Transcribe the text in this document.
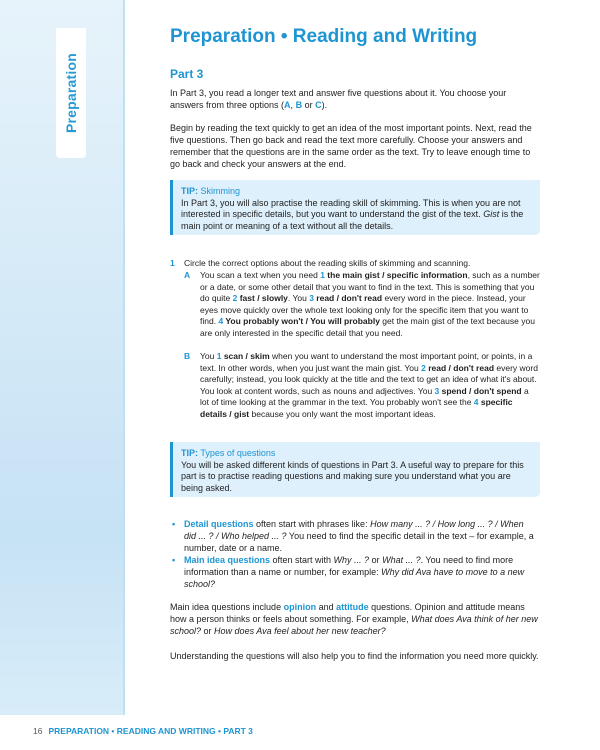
Preparation
Preparation • Reading and Writing
Part 3
In Part 3, you read a longer text and answer five questions about it. You choose your answers from three options (A, B or C).
Begin by reading the text quickly to get an idea of the most important points. Next, read the five questions. Then go back and read the text more carefully. Choose your answers and remember that the questions are in the same order as the text. Try to leave enough time to go back and check your answers at the end.
TIP: Skimming
In Part 3, you will also practise the reading skill of skimming. This is when you are not interested in specific details, but you want to understand the gist of the text. Gist is the main point or meaning of a text without all the details.
1 Circle the correct options about the reading skills of skimming and scanning.
A You scan a text when you need 1 the main gist / specific information, such as a number or a date, or some other detail that you want to find in the text. This is something that you do quite 2 fast / slowly. You 3 read / don't read every word in the piece. Instead, your eyes move quickly over the whole text looking only for the specific item that you want to find. 4 You probably won't / You will probably get the main gist of the text because you are only interested in the specific detail that you need.
B You 1 scan / skim when you want to understand the most important point, or points, in a text. In other words, when you just want the main gist. You 2 read / don't read every word carefully; instead, you look quickly at the title and the text to get an idea of what it's about. You look at content words, such as nouns and adjectives. You 3 spend / don't spend a lot of time looking at the grammar in the text. You probably won't see the 4 specific details / gist because you only want the most important ideas.
TIP: Types of questions
You will be asked different kinds of questions in Part 3. A useful way to prepare for this part is to practise reading questions and making sure you understand what you are being asked.
• Detail questions often start with phrases like: How many ... ? / How long ... ? / When did ... ? / Who helped ... ? You need to find the specific detail in the text – for example, a number, date or a name.
• Main idea questions often start with Why ... ? or What ... ?. You need to find more information than a name or number, for example: Why did Ava have to move to a new school?
Main idea questions include opinion and attitude questions. Opinion and attitude means how a person thinks or feels about something. For example, What does Ava think of her new school? or How does Ava feel about her new teacher?
Understanding the questions will also help you to find the information you need more quickly.
16 PREPARATION • READING AND WRITING • PART 3
